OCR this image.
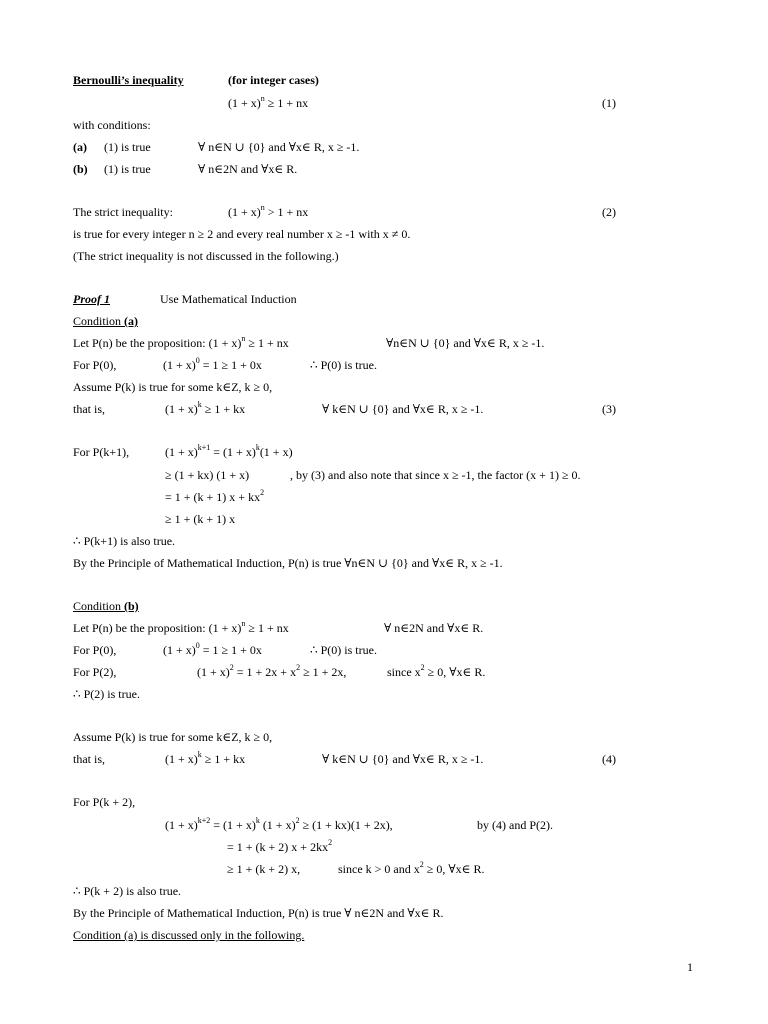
Bernoulli’s inequality	(for integer cases)
$(1 + x)^n \ge 1$ + nx	(1)
with conditions:
(a) (1) is true	∀ n∈N ∪ {0} and ∀x∈ R, x ≥ -1.
(b) (1) is true	∀ n∈2N and ∀x∈ R.
The strict inequality:	$(1 + x)^n > 1$ + nx	(2)
is true for every integer n ≥ 2 and every real number x ≥ -1 with x ≠ 0.
(The strict inequality is not discussed in the following.)
Proof 1	Use Mathematical Induction
Condition (a)
Let P(n) be the proposition: $(1 + x)^n \ge 1$ + nx	∀n∈N ∪ {0} and ∀x∈ R, x ≥ -1.
For P(0),	$(1 + x)^0 = 1 \ge 1 + 0x$	∴ P(0) is true.
Assume P(k) is true for some k∈Z, k ≥ 0,
that is,	$(1 + x)^k \ge 1$ + kx	∀ k∈N ∪ {0} and ∀x∈ R, x ≥ -1.	(3)
For P(k+1),	$(1 + x)^{k+1} = (1 + x)^k(1 + x)$
≥ (1 + kx) (1 + x)	, by (3) and also note that since x ≥ -1, the factor (x + 1) ≥ 0.
= 1 + (k + 1) $x + kx^2$
≥ 1 + (k + 1) x
∴ P(k+1) is also true.
By the Principle of Mathematical Induction, P(n) is true ∀n∈N ∪ {0} and ∀x∈ R, x ≥ -1.
Condition (b)
Let P(n) be the proposition: $(1 + x)^n \ge 1$ + nx	∀ n∈2N and ∀x∈ R.
For P(0),	$(1 + x)^0 = 1 \ge 1 + 0x$	∴ P(0) is true.
For P(2),	$(1 + x)^2 = 1 + 2x + x^2 \ge 1 + 2x$,	since $x^2 \ge 0$, ∀x∈ R.
∴ P(2) is true.
Assume P(k) is true for some k∈Z, k ≥ 0,
that is,	$(1 + x)^k \ge 1$ + kx	∀ k∈N ∪ {0} and ∀x∈ R, x ≥ -1.	(4)
For P(k + 2),
$(1 + x)^{k+2} = (1 + x)^k$ $(1 + x)^2 \ge (1 + kx)(1 + 2x)$,	by (4) and P(2).
= 1 + (k + 2) $x + 2kx^2$
≥ 1 + (k + 2) x,	since k > 0 and $x^2 \ge 0$, ∀x∈ R.
∴ P(k + 2) is also true.
By the Principle of Mathematical Induction, P(n) is true ∀ n∈2N and ∀x∈ R.
Condition (a) is discussed only in the following.
1
